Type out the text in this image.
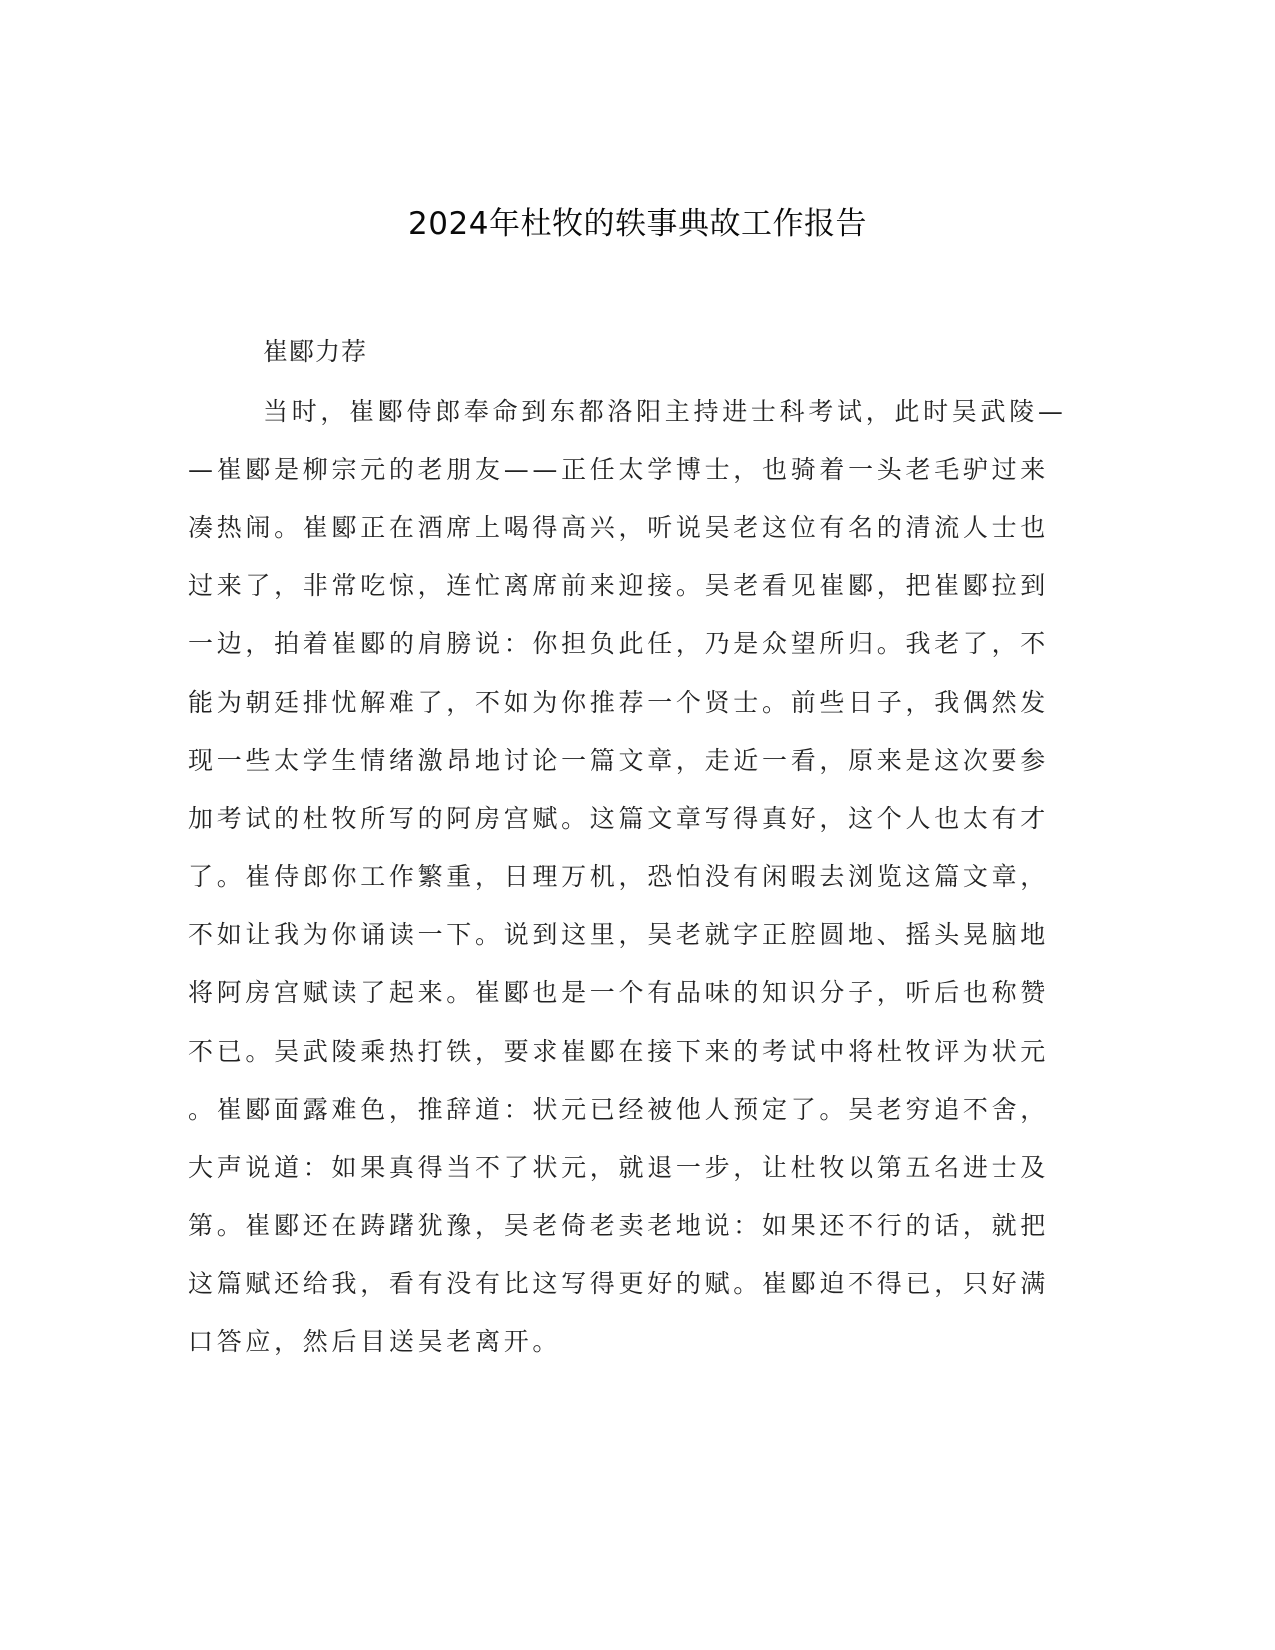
2024年杜牧的轶事典故工作报告
崔郾力荐
当时，崔郾侍郎奉命到东都洛阳主持进士科考试，此时吴武陵—
—崔郾是柳宗元的老朋友——正任太学博士，也骑着一头老毛驴过来
凑热闹。崔郾正在酒席上喝得高兴，听说吴老这位有名的清流人士也
过来了，非常吃惊，连忙离席前来迎接。吴老看见崔郾，把崔郾拉到
一边，拍着崔郾的肩膀说：你担负此任，乃是众望所归。我老了，不
能为朝廷排忧解难了，不如为你推荐一个贤士。前些日子，我偶然发
现一些太学生情绪激昂地讨论一篇文章，走近一看，原来是这次要参
加考试的杜牧所写的阿房宫赋。这篇文章写得真好，这个人也太有才
了。崔侍郎你工作繁重，日理万机，恐怕没有闲暇去浏览这篇文章，
不如让我为你诵读一下。说到这里，吴老就字正腔圆地、摇头晃脑地
将阿房宫赋读了起来。崔郾也是一个有品味的知识分子，听后也称赞
不已。吴武陵乘热打铁，要求崔郾在接下来的考试中将杜牧评为状元
。崔郾面露难色，推辞道：状元已经被他人预定了。吴老穷追不舍，
大声说道：如果真得当不了状元，就退一步，让杜牧以第五名进士及
第。崔郾还在踌躇犹豫，吴老倚老卖老地说：如果还不行的话，就把
这篇赋还给我，看有没有比这写得更好的赋。崔郾迫不得已，只好满
口答应，然后目送吴老离开。
